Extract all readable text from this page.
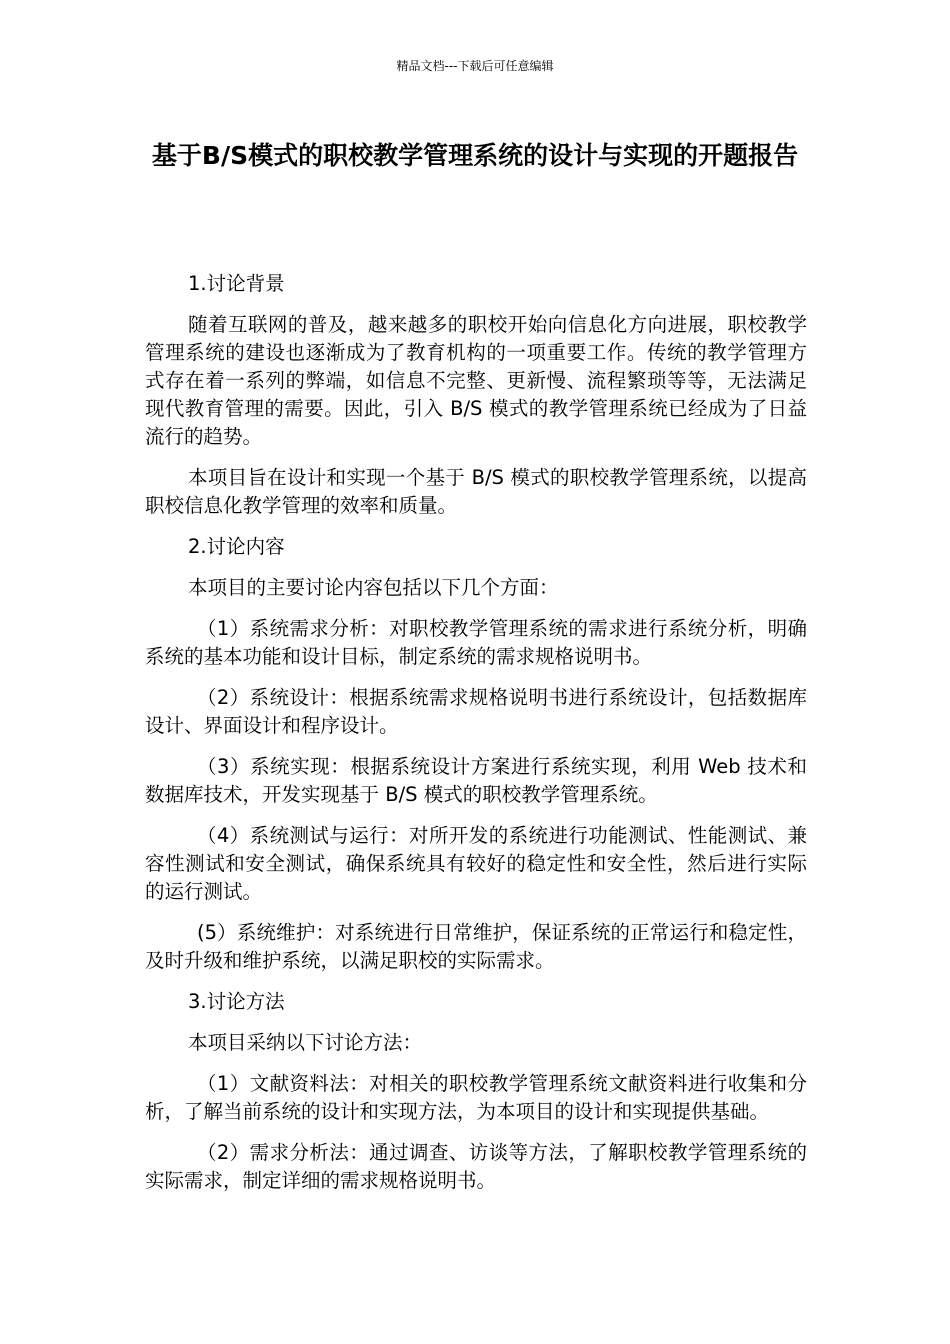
精品文档---下载后可任意编辑
基于B/S模式的职校教学管理系统的设计与实现的开题报告

1.讨论背景

随着互联网的普及，越来越多的职校开始向信息化方向进展，职校教学管理系统的建设也逐渐成为了教育机构的一项重要工作。传统的教学管理方式存在着一系列的弊端，如信息不完整、更新慢、流程繁琐等等，无法满足现代教育管理的需要。因此，引入 B/S 模式的教学管理系统已经成为了日益流行的趋势。

本项目旨在设计和实现一个基于 B/S 模式的职校教学管理系统，以提高职校信息化教学管理的效率和质量。

2.讨论内容

本项目的主要讨论内容包括以下几个方面：

（1）系统需求分析：对职校教学管理系统的需求进行系统分析，明确系统的基本功能和设计目标，制定系统的需求规格说明书。

（2）系统设计：根据系统需求规格说明书进行系统设计，包括数据库设计、界面设计和程序设计。

（3）系统实现：根据系统设计方案进行系统实现，利用 Web 技术和数据库技术，开发实现基于 B/S 模式的职校教学管理系统。

（4）系统测试与运行：对所开发的系统进行功能测试、性能测试、兼容性测试和安全测试，确保系统具有较好的稳定性和安全性，然后进行实际的运行测试。

(5）系统维护：对系统进行日常维护，保证系统的正常运行和稳定性，及时升级和维护系统，以满足职校的实际需求。

3.讨论方法

本项目采纳以下讨论方法：

（1）文献资料法：对相关的职校教学管理系统文献资料进行收集和分析，了解当前系统的设计和实现方法，为本项目的设计和实现提供基础。

（2）需求分析法：通过调查、访谈等方法，了解职校教学管理系统的实际需求，制定详细的需求规格说明书。
